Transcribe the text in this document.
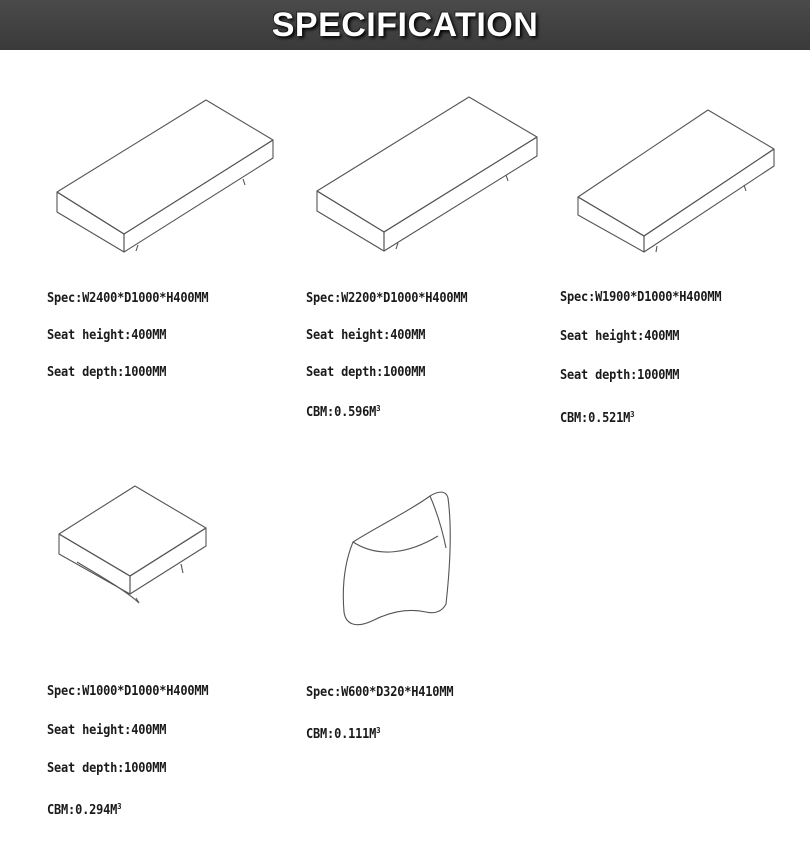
SPECIFICATION
Spec:W2400*D1000*H400MM
Seat height:400MM
Seat depth:1000MM
Spec:W2200*D1000*H400MM
Seat height:400MM
Seat depth:1000MM
$CBM:0.596M^3$
Spec:W1900*D1000*H400MM
Seat height:400MM
Seat depth:1000MM
$CBM:0.521M^3$
Spec:W1000*D1000*H400MM
Seat height:400MM
Seat depth:1000MM
$CBM:0.294M^3$
Spec:W600*D320*H410MM
$CBM:0.111M^3$
